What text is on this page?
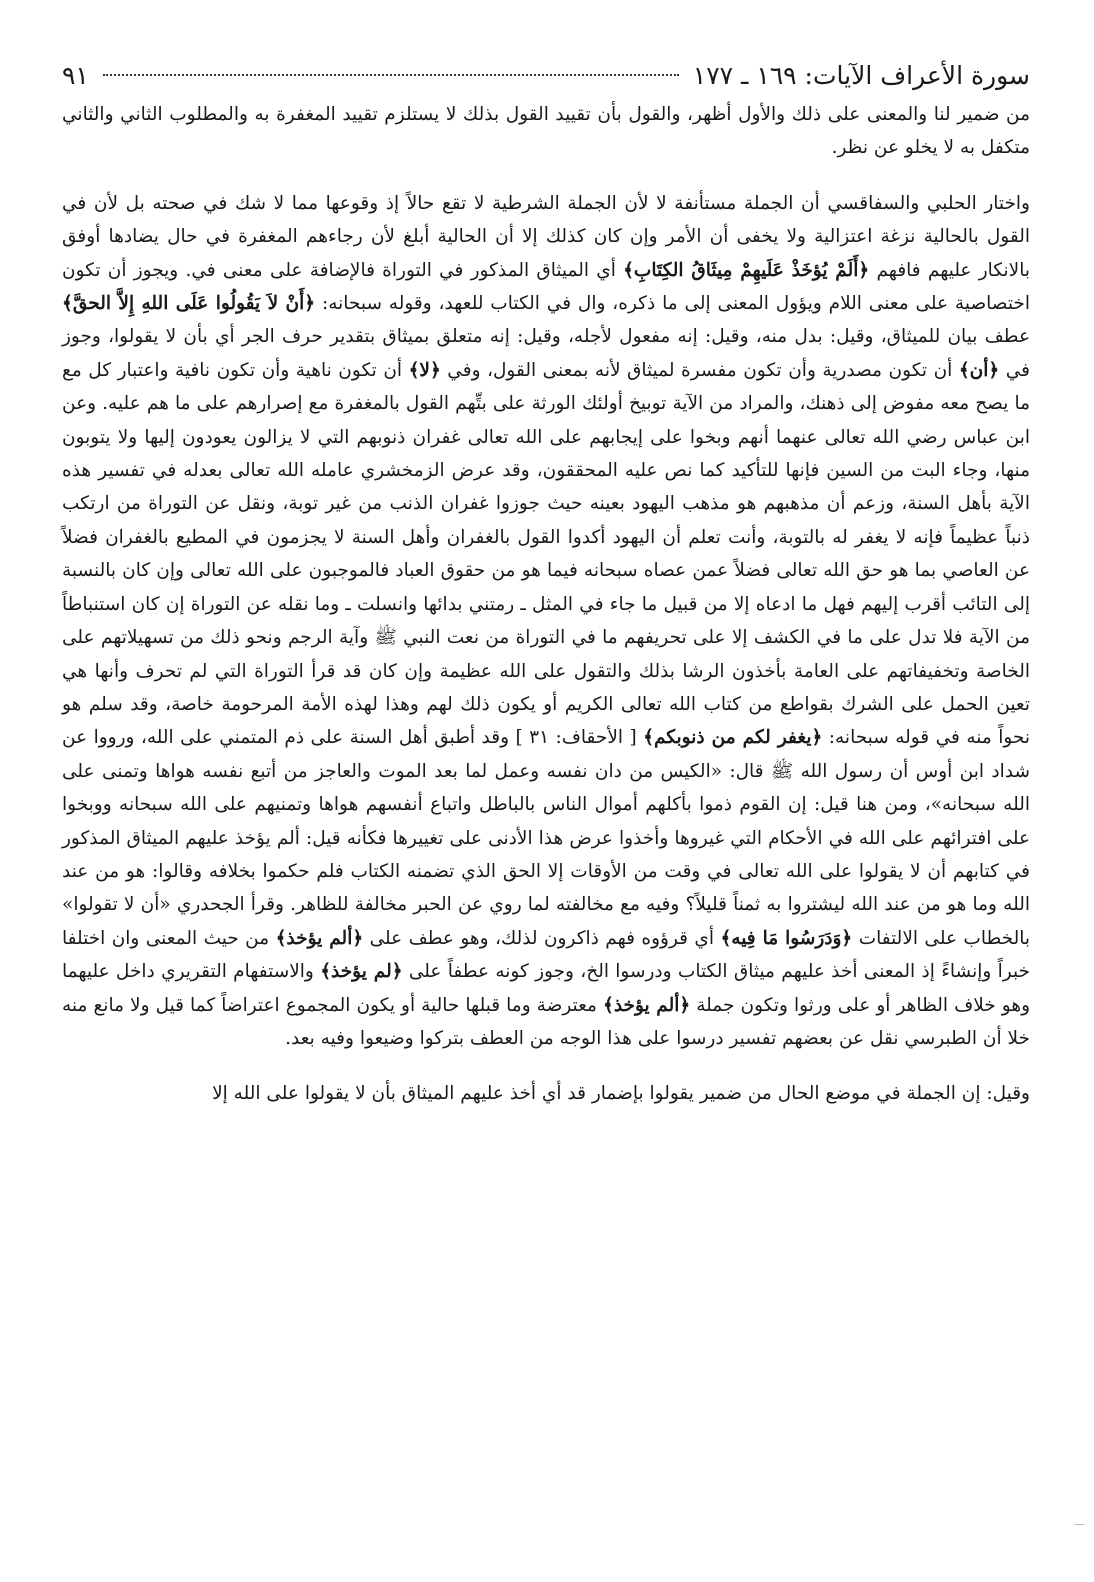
سورة الأعراف الآيات: ١٦٩ ـ ١٧٧
٩١

من ضمير لنا والمعنى على ذلك والأول أظهر، والقول بأن تقييد القول بذلك لا يستلزم تقييد المغفرة به والمطلوب الثاني والثاني متكفل به لا يخلو عن نظر.

واختار الحلبي والسفاقسي أن الجملة مستأنفة لا لأن الجملة الشرطية لا تقع حالاً إذ وقوعها مما لا شك في صحته بل لأن في القول بالحالية نزغة اعتزالية ولا يخفى أن الأمر وإن كان كذلك إلا أن الحالية أبلغ لأن رجاءهم المغفرة في حال يضادها أوفق بالانكار عليهم فافهم ﴿أَلَمْ يُؤخَذْ عَلَيهِمْ مِيثَاقُ الكِتَابِ﴾ أي الميثاق المذكور في التوراة فالإضافة على معنى في. ويجوز أن تكون اختصاصية على معنى اللام ويؤول المعنى إلى ما ذكره، وال في الكتاب للعهد، وقوله سبحانه: ﴿أَنْ لاَ يَقُولُوا عَلَى اللهِ إِلاَّ الحقَّ﴾ عطف بيان للميثاق، وقيل: بدل منه، وقيل: إنه مفعول لأجله، وقيل: إنه متعلق بميثاق بتقدير حرف الجر أي بأن لا يقولوا، وجوز في ﴿أن﴾ أن تكون مصدرية وأن تكون مفسرة لميثاق لأنه بمعنى القول، وفي ﴿لا﴾ أن تكون ناهية وأن تكون نافية واعتبار كل مع ما يصح معه مفوض إلى ذهنك، والمراد من الآية توبيخ أولئك الورثة على بتِّهم القول بالمغفرة مع إصرارهم على ما هم عليه. وعن ابن عباس رضي الله تعالى عنهما أنهم وبخوا على إيجابهم على الله تعالى غفران ذنوبهم التي لا يزالون يعودون إليها ولا يتوبون منها، وجاء البت من السين فإنها للتأكيد كما نص عليه المحققون، وقد عرض الزمخشري عامله الله تعالى بعدله في تفسير هذه الآية بأهل السنة، وزعم أن مذهبهم هو مذهب اليهود بعينه حيث جوزوا غفران الذنب من غير توبة، ونقل عن التوراة من ارتكب ذنباً عظيماً فإنه لا يغفر له بالتوبة، وأنت تعلم أن اليهود أكدوا القول بالغفران وأهل السنة لا يجزمون في المطيع بالغفران فضلاً عن العاصي بما هو حق الله تعالى فضلاً عمن عصاه سبحانه فيما هو من حقوق العباد فالموجبون على الله تعالى وإن كان بالنسبة إلى التائب أقرب إليهم فهل ما ادعاه إلا من قبيل ما جاء في المثل ـ رمتني بدائها وانسلت ـ وما نقله عن التوراة إن كان استنباطاً من الآية فلا تدل على ما في الكشف إلا على تحريفهم ما في التوراة من نعت النبي ﷺ وآية الرجم ونحو ذلك من تسهيلاتهم على الخاصة وتخفيفاتهم على العامة بأخذون الرشا بذلك والتقول على الله عظيمة وإن كان قد قرأ التوراة التي لم تحرف وأنها هي تعين الحمل على الشرك بقواطع من كتاب الله تعالى الكريم أو يكون ذلك لهم وهذا لهذه الأمة المرحومة خاصة، وقد سلم هو نحواً منه في قوله سبحانه: ﴿يغفر لكم من ذنوبكم﴾ [ الأحقاف: ٣١ ] وقد أطبق أهل السنة على ذم المتمني على الله، ورووا عن شداد ابن أوس أن رسول الله ﷺ قال: «الكيس من دان نفسه وعمل لما بعد الموت والعاجز من أتبع نفسه هواها وتمنى على الله سبحانه»، ومن هنا قيل: إن القوم ذموا بأكلهم أموال الناس بالباطل واتباع أنفسهم هواها وتمنيهم على الله سبحانه ووبخوا على افترائهم على الله في الأحكام التي غيروها وأخذوا عرض هذا الأدنى على تغييرها فكأنه قيل: ألم يؤخذ عليهم الميثاق المذكور في كتابهم أن لا يقولوا على الله تعالى في وقت من الأوقات إلا الحق الذي تضمنه الكتاب فلم حكموا بخلافه وقالوا: هو من عند الله وما هو من عند الله ليشتروا به ثمناً قليلاً؟ وفيه مع مخالفته لما روي عن الحبر مخالفة للظاهر. وقرأ الجحدري «أن لا تقولوا» بالخطاب على الالتفات ﴿وَدَرَسُوا مَا فِيه﴾ أي قرؤوه فهم ذاكرون لذلك، وهو عطف على ﴿ألم يؤخذ﴾ من حيث المعنى وان اختلفا خبراً وإنشاءً إذ المعنى أخذ عليهم ميثاق الكتاب ودرسوا الخ، وجوز كونه عطفاً على ﴿لم يؤخذ﴾ والاستفهام التقريري داخل عليهما وهو خلاف الظاهر أو على ورثوا وتكون جملة ﴿ألم يؤخذ﴾ معترضة وما قبلها حالية أو يكون المجموع اعتراضاً كما قيل ولا مانع منه خلا أن الطبرسي نقل عن بعضهم تفسير درسوا على هذا الوجه من العطف بتركوا وضيعوا وفيه بعد.

وقيل: إن الجملة في موضع الحال من ضمير يقولوا بإضمار قد أي أخذ عليهم الميثاق بأن لا يقولوا على الله إلا
